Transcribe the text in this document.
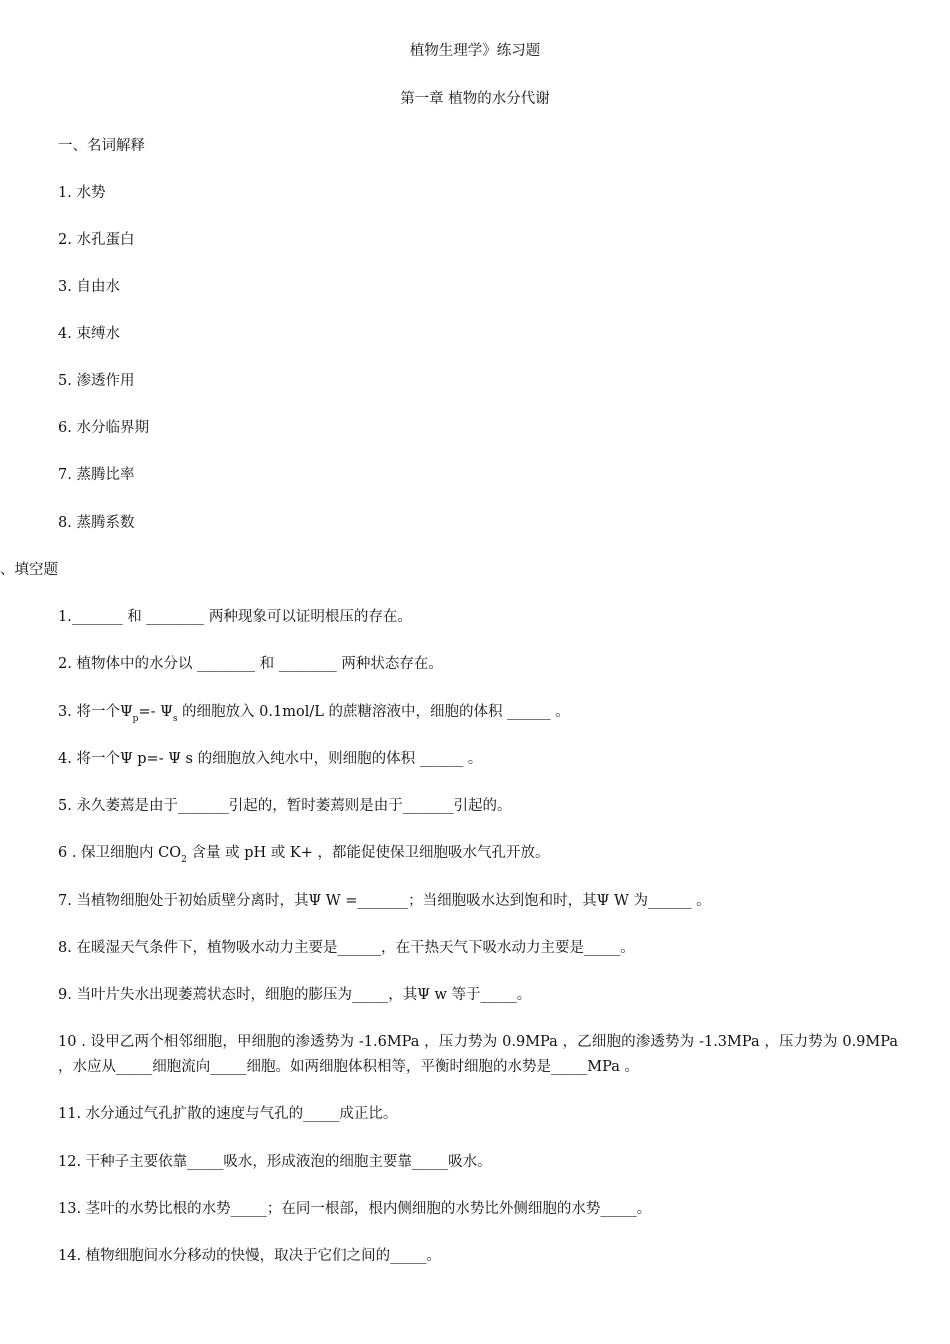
植物生理学》练习题
第一章 植物的水分代谢
一、名词解释
1. 水势
2. 水孔蛋白
3. 自由水
4. 束缚水
5. 渗透作用
6. 水分临界期
7. 蒸腾比率
8. 蒸腾系数
、填空题
1._______ 和 ________ 两种现象可以证明根压的存在。
2. 植物体中的水分以 ________ 和 ________ 两种状态存在。
3. 将一个$\Psi_p=-$ $\Psi_s$ 的细胞放入 0.1mol/L 的蔗糖溶液中，细胞的体积 ______ 。
4. 将一个Ψ p=- Ψ s 的细胞放入纯水中，则细胞的体积 ______ 。
5. 永久萎蔫是由于_______引起的，暂时萎蔫则是由于_______引起的。
6 . 保卫细胞内 $CO_2$ 含量 或 pH 或 K+ ，都能促使保卫细胞吸水气孔开放。
7. 当植物细胞处于初始质壁分离时，其Ψ W =_______；当细胞吸水达到饱和时，其Ψ W 为______ 。
8. 在暖湿天气条件下，植物吸水动力主要是______，在干热天气下吸水动力主要是_____。
9. 当叶片失水出现萎蔫状态时，细胞的膨压为_____，其Ψ w 等于_____。
10 . 设甲乙两个相邻细胞，甲细胞的渗透势为 -1.6MPa ，压力势为 0.9MPa ，乙细胞的渗透势为 -1.3MPa ，压力势为 0.9MPa ，水应从_____细胞流向_____细胞。如两细胞体积相等，平衡时细胞的水势是_____MPa 。
11. 水分通过气孔扩散的速度与气孔的_____成正比。
12. 干种子主要依靠_____吸水，形成液泡的细胞主要靠_____吸水。
13. 茎叶的水势比根的水势_____；在同一根部，根内侧细胞的水势比外侧细胞的水势_____。
14. 植物细胞间水分移动的快慢，取决于它们之间的_____。
